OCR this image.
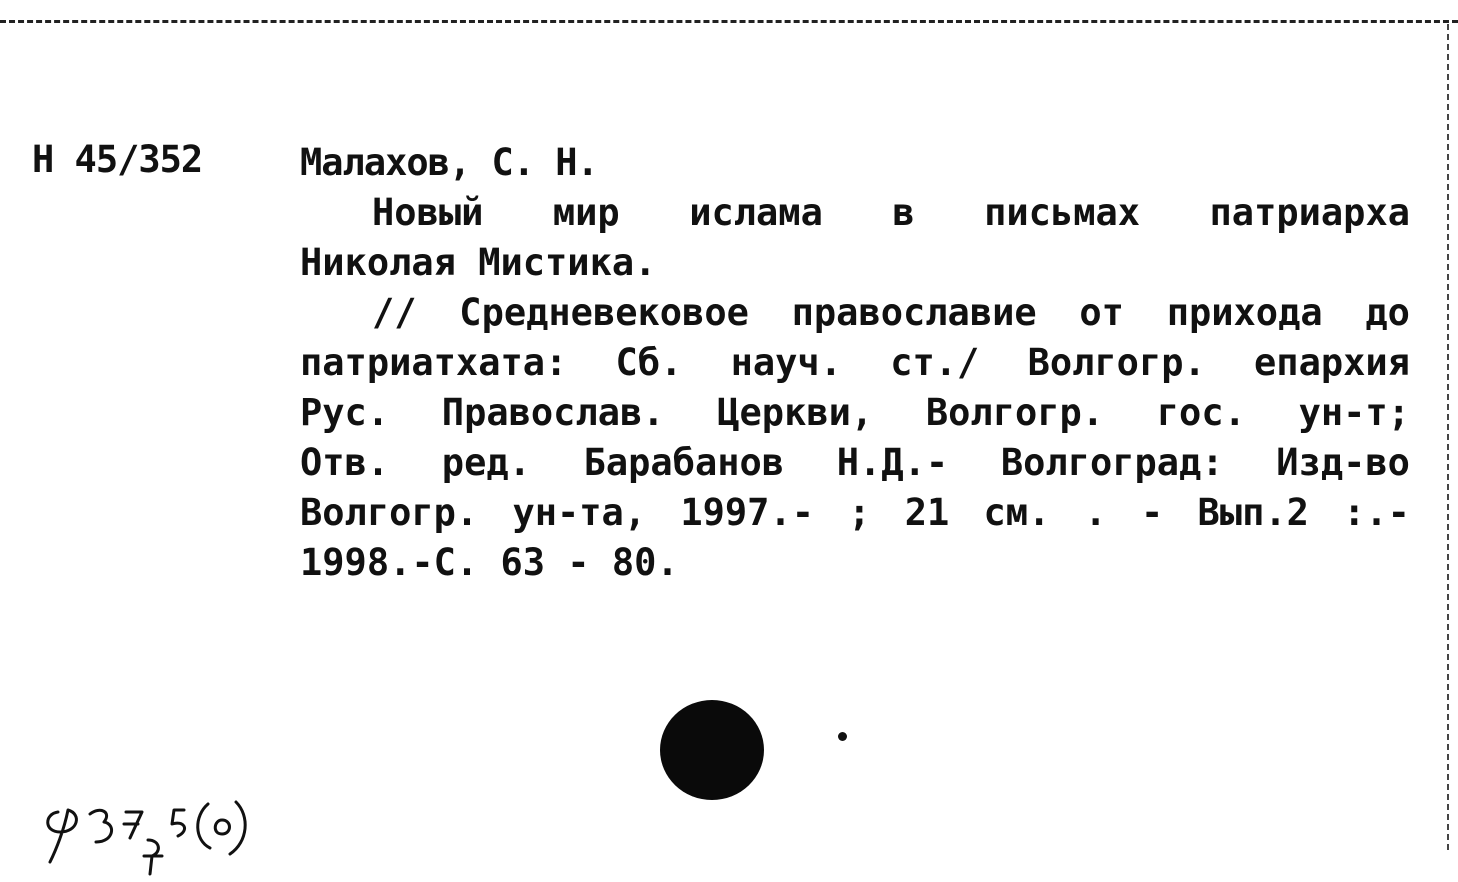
Н 45/352	Малахов, С. Н.
Новый мир ислама в письмах патриарха
Николая Мистика.
// Средневековое православие от прихода до
патриатхата: Сб. науч. ст./ Волгогр. епархия
Рус. Православ. Церкви, Волгогр. гос. ун-т;
Отв. ред. Барабанов Н.Д.- Волгоград: Изд-во
Волгогр. ун-та, 1997.- ; 21 см. . - Вып.2 :.-
1998.-С. 63 - 80.
